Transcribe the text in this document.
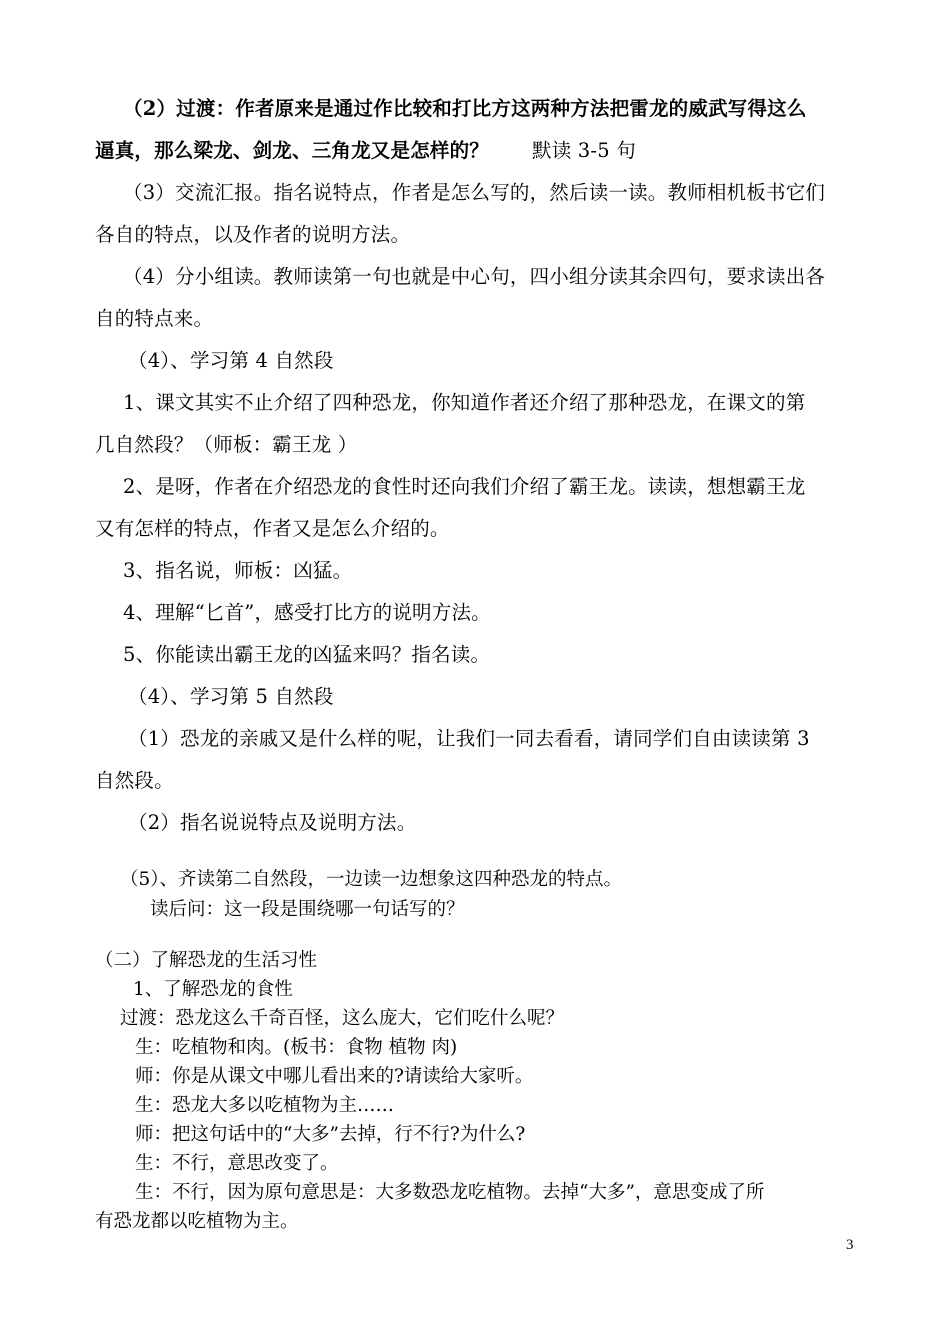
（2）过渡：作者原来是通过作比较和打比方这两种方法把雷龙的威武写得这么
逼真，那么梁龙、剑龙、三角龙又是怎样的？ 默读 3-5 句
（3）交流汇报。指名说特点，作者是怎么写的，然后读一读。教师相机板书它们
各自的特点，以及作者的说明方法。
（4）分小组读。教师读第一句也就是中心句，四小组分读其余四句，要求读出各
自的特点来。
（4）、学习第 4 自然段
1、课文其实不止介绍了四种恐龙，你知道作者还介绍了那种恐龙，在课文的第
几自然段？（师板：霸王龙 ）
2、是呀，作者在介绍恐龙的食性时还向我们介绍了霸王龙。读读，想想霸王龙
又有怎样的特点，作者又是怎么介绍的。
3、指名说，师板：凶猛。
4、理解“匕首”，感受打比方的说明方法。
5、你能读出霸王龙的凶猛来吗？指名读。
（4）、学习第 5 自然段
（1）恐龙的亲戚又是什么样的呢，让我们一同去看看，请同学们自由读读第 3
自然段。
（2）指名说说特点及说明方法。
（5）、齐读第二自然段，一边读一边想象这四种恐龙的特点。
读后问：这一段是围绕哪一句话写的？
（二）了解恐龙的生活习性
1、了解恐龙的食性
过渡：恐龙这么千奇百怪，这么庞大，它们吃什么呢？
生：吃植物和肉。(板书：食物 植物 肉)
师：你是从课文中哪儿看出来的?请读给大家听。
生：恐龙大多以吃植物为主……
师：把这句话中的“大多”去掉，行不行?为什么?
生：不行，意思改变了。
生：不行，因为原句意思是：大多数恐龙吃植物。去掉“大多”，意思变成了所
有恐龙都以吃植物为主。
3
